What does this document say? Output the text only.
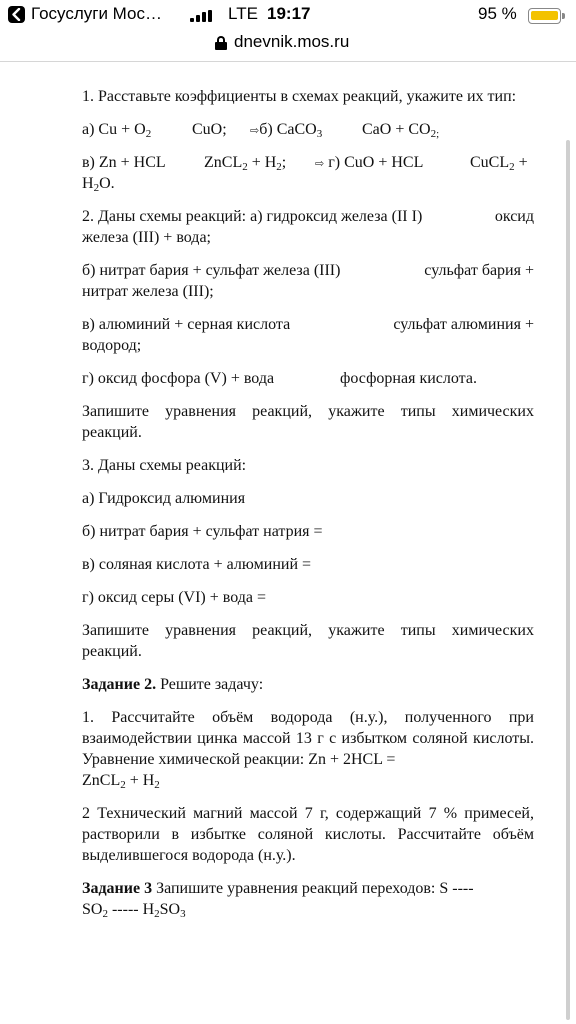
Госуслуги Мос…	LTE 19:17	95 %
dnevnik.mos.ru

1. Расставьте коэффициенты в схемах реакций, укажите их тип:

а) $Cu + O_2$	CuO; ⇨б) CaCO$_3$ CaO + $CO_{2;}$
в) Zn + HCL ZnCL$_2$ + $H_2$;	⇨ г) CuO + HCL	CuCL$_2$ +
$H_2O$.
2. Даны схемы реакций: а) гидроксид железа (II I)	оксид
железа (III) + вода;
б) нитрат бария + сульфат железа (III)	сульфат бария +
нитрат железа (III);
в) алюминий + серная кислота	сульфат алюминия +
водород;
г) оксид фосфора (V) + вода	фосфорная кислота.

Запишите уравнения реакций, укажите типы химических реакций.

3. Даны схемы реакций:

а) Гидроксид алюминия

б) нитрат бария + сульфат натрия =

в) соляная кислота + алюминий =

г) оксид серы (VI) + вода =

Запишите уравнения реакций, укажите типы химических реакций.

Задание 2. Решите задачу:

1. Рассчитайте объём водорода (н.у.), полученного при взаимодействии цинка массой 13 г с избытком соляной кислоты. Уравнение химической реакции: Zn + 2HCL =

ZnCL$_2$ + $H_2$

2 Технический магний массой 7 г, содержащий 7 % примесей, растворили в избытке соляной кислоты. Рассчитайте объём выделившегося водорода (н.у.).

Задание 3 Запишите уравнения реакций переходов: S ----
$SO_2$ ----- $H_2SO_3$
